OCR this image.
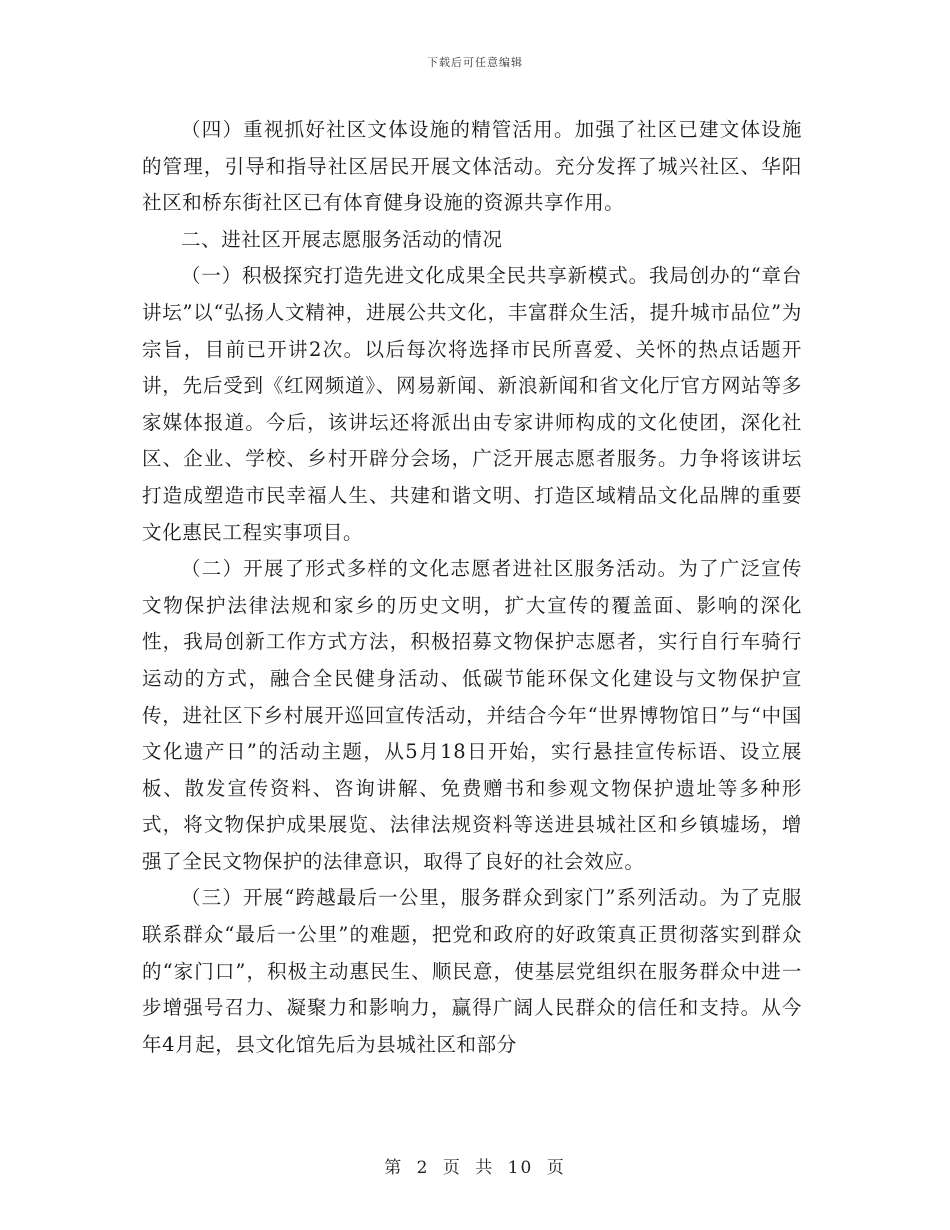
下载后可任意编辑

（四）重视抓好社区文体设施的精管活用。加强了社区已建文体设施的管理，引导和指导社区居民开展文体活动。充分发挥了城兴社区、华阳社区和桥东街社区已有体育健身设施的资源共享作用。

二、进社区开展志愿服务活动的情况

（一）积极探究打造先进文化成果全民共享新模式。我局创办的“章台讲坛”以“弘扬人文精神，进展公共文化，丰富群众生活，提升城市品位”为宗旨，目前已开讲2次。以后每次将选择市民所喜爱、关怀的热点话题开讲，先后受到《红网频道》、网易新闻、新浪新闻和省文化厅官方网站等多家媒体报道。今后，该讲坛还将派出由专家讲师构成的文化使团，深化社区、企业、学校、乡村开辟分会场，广泛开展志愿者服务。力争将该讲坛打造成塑造市民幸福人生、共建和谐文明、打造区域精品文化品牌的重要文化惠民工程实事项目。

（二）开展了形式多样的文化志愿者进社区服务活动。为了广泛宣传文物保护法律法规和家乡的历史文明，扩大宣传的覆盖面、影响的深化性，我局创新工作方式方法，积极招募文物保护志愿者，实行自行车骑行运动的方式，融合全民健身活动、低碳节能环保文化建设与文物保护宣传，进社区下乡村展开巡回宣传活动，并结合今年“世界博物馆日”与“中国文化遗产日”的活动主题，从5月18日开始，实行悬挂宣传标语、设立展板、散发宣传资料、咨询讲解、免费赠书和参观文物保护遗址等多种形式，将文物保护成果展览、法律法规资料等送进县城社区和乡镇墟场，增强了全民文物保护的法律意识，取得了良好的社会效应。

（三）开展“跨越最后一公里，服务群众到家门”系列活动。为了克服联系群众“最后一公里”的难题，把党和政府的好政策真正贯彻落实到群众的“家门口”，积极主动惠民生、顺民意，使基层党组织在服务群众中进一步增强号召力、凝聚力和影响力，赢得广阔人民群众的信任和支持。从今年4月起，县文化馆先后为县城社区和部分

第 2 页 共 10 页
